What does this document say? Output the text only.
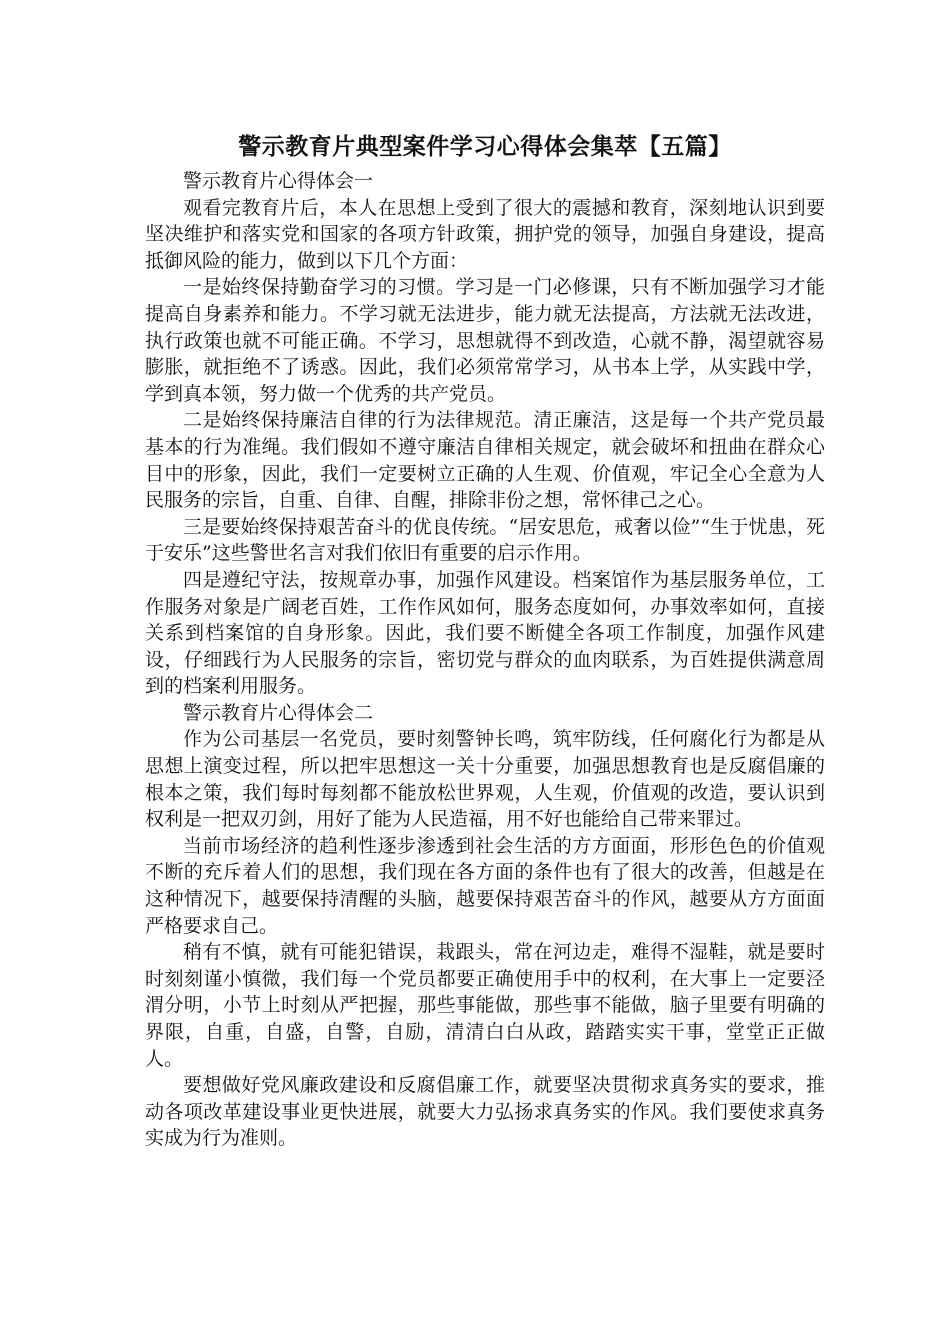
警示教育片典型案件学习心得体会集萃【五篇】

警示教育片心得体会一

观看完教育片后，本人在思想上受到了很大的震撼和教育，深刻地认识到要坚决维护和落实党和国家的各项方针政策，拥护党的领导，加强自身建设，提高抵御风险的能力，做到以下几个方面：

一是始终保持勤奋学习的习惯。学习是一门必修课，只有不断加强学习才能提高自身素养和能力。不学习就无法进步，能力就无法提高，方法就无法改进，执行政策也就不可能正确。不学习，思想就得不到改造，心就不静，渴望就容易膨胀，就拒绝不了诱惑。因此，我们必须常常学习，从书本上学，从实践中学，学到真本领，努力做一个优秀的共产党员。

二是始终保持廉洁自律的行为法律规范。清正廉洁，这是每一个共产党员最基本的行为准绳。我们假如不遵守廉洁自律相关规定，就会破坏和扭曲在群众心目中的形象，因此，我们一定要树立正确的人生观、价值观，牢记全心全意为人民服务的宗旨，自重、自律、自醒，排除非份之想，常怀律己之心。

三是要始终保持艰苦奋斗的优良传统。“居安思危，戒奢以俭”“生于忧患，死于安乐”这些警世名言对我们依旧有重要的启示作用。

四是遵纪守法，按规章办事，加强作风建设。档案馆作为基层服务单位，工作服务对象是广阔老百姓，工作作风如何，服务态度如何，办事效率如何，直接关系到档案馆的自身形象。因此，我们要不断健全各项工作制度，加强作风建设，仔细践行为人民服务的宗旨，密切党与群众的血肉联系，为百姓提供满意周到的档案利用服务。

警示教育片心得体会二

作为公司基层一名党员，要时刻警钟长鸣，筑牢防线，任何腐化行为都是从思想上演变过程，所以把牢思想这一关十分重要，加强思想教育也是反腐倡廉的根本之策，我们每时每刻都不能放松世界观，人生观，价值观的改造，要认识到权利是一把双刃剑，用好了能为人民造福，用不好也能给自己带来罪过。

当前市场经济的趋利性逐步渗透到社会生活的方方面面，形形色色的价值观不断的充斥着人们的思想，我们现在各方面的条件也有了很大的改善，但越是在这种情况下，越要保持清醒的头脑，越要保持艰苦奋斗的作风，越要从方方面面严格要求自己。

稍有不慎，就有可能犯错误，栽跟头，常在河边走，难得不湿鞋，就是要时时刻刻谨小慎微，我们每一个党员都要正确使用手中的权利，在大事上一定要泾渭分明，小节上时刻从严把握，那些事能做，那些事不能做，脑子里要有明确的界限，自重，自盛，自警，自励，清清白白从政，踏踏实实干事，堂堂正正做人。

要想做好党风廉政建设和反腐倡廉工作，就要坚决贯彻求真务实的要求，推动各项改革建设事业更快进展，就要大力弘扬求真务实的作风。我们要使求真务实成为行为准则。
